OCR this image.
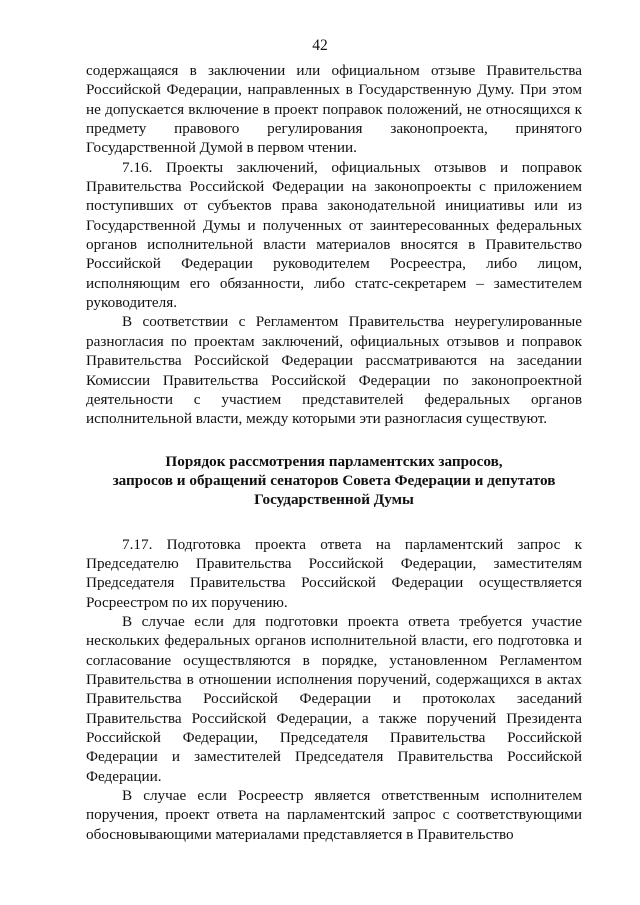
42

содержащаяся в заключении или официальном отзыве Правительства Российской Федерации, направленных в Государственную Думу. При этом не допускается включение в проект поправок положений, не относящихся к предмету правового регулирования законопроекта, принятого Государственной Думой в первом чтении.

7.16. Проекты заключений, официальных отзывов и поправок Правительства Российской Федерации на законопроекты с приложением поступивших от субъектов права законодательной инициативы или из Государственной Думы и полученных от заинтересованных федеральных органов исполнительной власти материалов вносятся в Правительство Российской Федерации руководителем Росреестра, либо лицом, исполняющим его обязанности, либо статс-секретарем – заместителем руководителя.

В соответствии с Регламентом Правительства неурегулированные разногласия по проектам заключений, официальных отзывов и поправок Правительства Российской Федерации рассматриваются на заседании Комиссии Правительства Российской Федерации по законопроектной деятельности с участием представителей федеральных органов исполнительной власти, между которыми эти разногласия существуют.

Порядок рассмотрения парламентских запросов,
запросов и обращений сенаторов Совета Федерации и депутатов
Государственной Думы

7.17. Подготовка проекта ответа на парламентский запрос к Председателю Правительства Российской Федерации, заместителям Председателя Правительства Российской Федерации осуществляется Росреестром по их поручению.

В случае если для подготовки проекта ответа требуется участие нескольких федеральных органов исполнительной власти, его подготовка и согласование осуществляются в порядке, установленном Регламентом Правительства в отношении исполнения поручений, содержащихся в актах Правительства Российской Федерации и протоколах заседаний Правительства Российской Федерации, а также поручений Президента Российской Федерации, Председателя Правительства Российской Федерации и заместителей Председателя Правительства Российской Федерации.

В случае если Росреестр является ответственным исполнителем поручения, проект ответа на парламентский запрос с соответствующими обосновывающими материалами представляется в Правительство
